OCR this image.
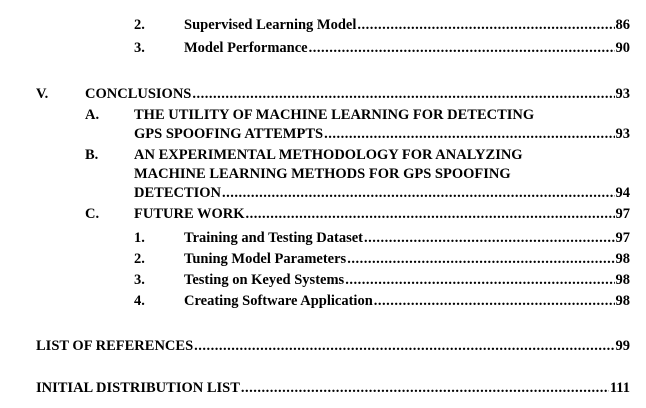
2.	Supervised Learning Model .....	86
3.	Model Performance .....	90
V.	CONCLUSIONS .....	93
A. THE UTILITY OF MACHINE LEARNING FOR DETECTING
GPS SPOOFING ATTEMPTS .....	93
B. AN EXPERIMENTAL METHODOLOGY FOR ANALYZING
MACHINE LEARNING METHODS FOR GPS SPOOFING
DETECTION .....	94
C. FUTURE WORK .....	97
1.	Training and Testing Dataset .....	97
2.	Tuning Model Parameters .....	98
3.	Testing on Keyed Systems .....	98
4.	Creating Software Application .....	98
LIST OF REFERENCES .....	99
INITIAL DISTRIBUTION LIST .....	111
